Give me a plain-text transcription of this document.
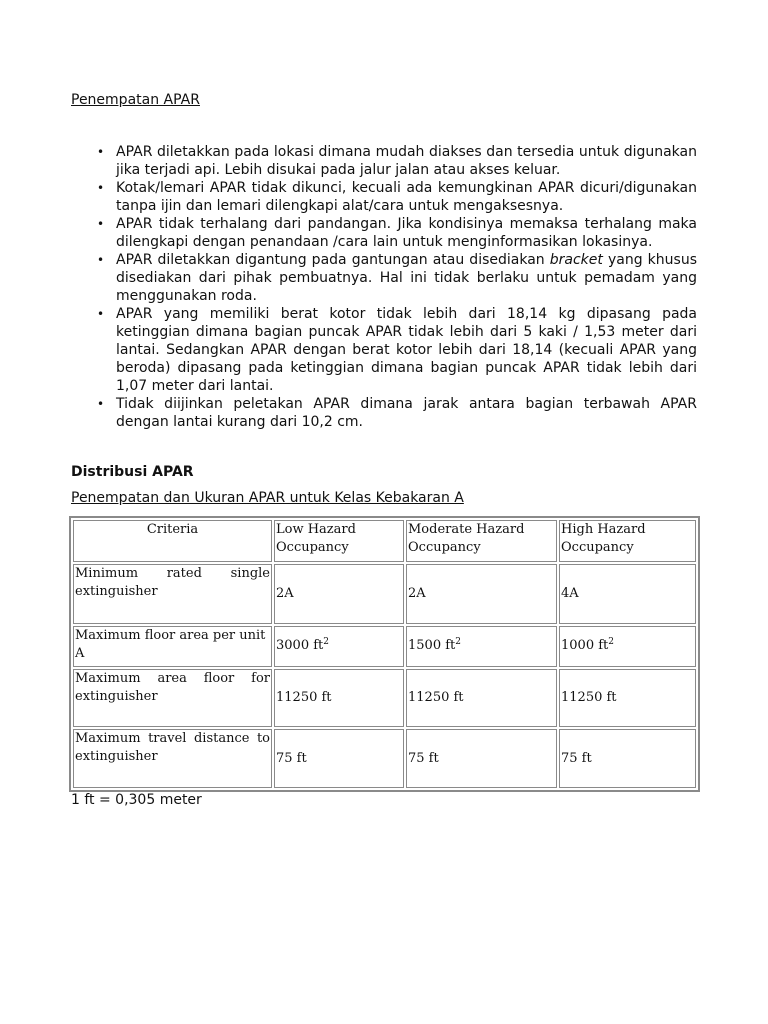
Penempatan APAR
• APAR diletakkan pada lokasi dimana mudah diakses dan tersedia untuk digunakan jika terjadi api. Lebih disukai pada jalur jalan atau akses keluar.
• Kotak/lemari APAR tidak dikunci, kecuali ada kemungkinan APAR dicuri/digunakan tanpa ijin dan lemari dilengkapi alat/cara untuk mengaksesnya.
• APAR tidak terhalang dari pandangan. Jika kondisinya memaksa terhalang maka dilengkapi dengan penandaan /cara lain untuk menginformasikan lokasinya.
• APAR diletakkan digantung pada gantungan atau disediakan bracket yang khusus disediakan dari pihak pembuatnya. Hal ini tidak berlaku untuk pemadam yang menggunakan roda.
• APAR yang memiliki berat kotor tidak lebih dari 18,14 kg dipasang pada ketinggian dimana bagian puncak APAR tidak lebih dari 5 kaki / 1,53 meter dari lantai. Sedangkan APAR dengan berat kotor lebih dari 18,14 (kecuali APAR yang beroda) dipasang pada ketinggian dimana bagian puncak APAR tidak lebih dari 1,07 meter dari lantai.
• Tidak diijinkan peletakan APAR dimana jarak antara bagian terbawah APAR dengan lantai kurang dari 10,2 cm.
Distribusi APAR
Penempatan dan Ukuran APAR untuk Kelas Kebakaran A
Criteria	Low Hazard Occupancy	Moderate Hazard Occupancy	High Hazard Occupancy
Minimum rated single extinguisher	2A	2A	4A
Maximum floor area per unit A	3000 $ft^2$	1500 $ft^2$	1000 $ft^2$
Maximum area floor for extinguisher	11250 ft	11250 ft	11250 ft
Maximum travel distance to extinguisher	75 ft	75 ft	75 ft
1 ft = 0,305 meter
